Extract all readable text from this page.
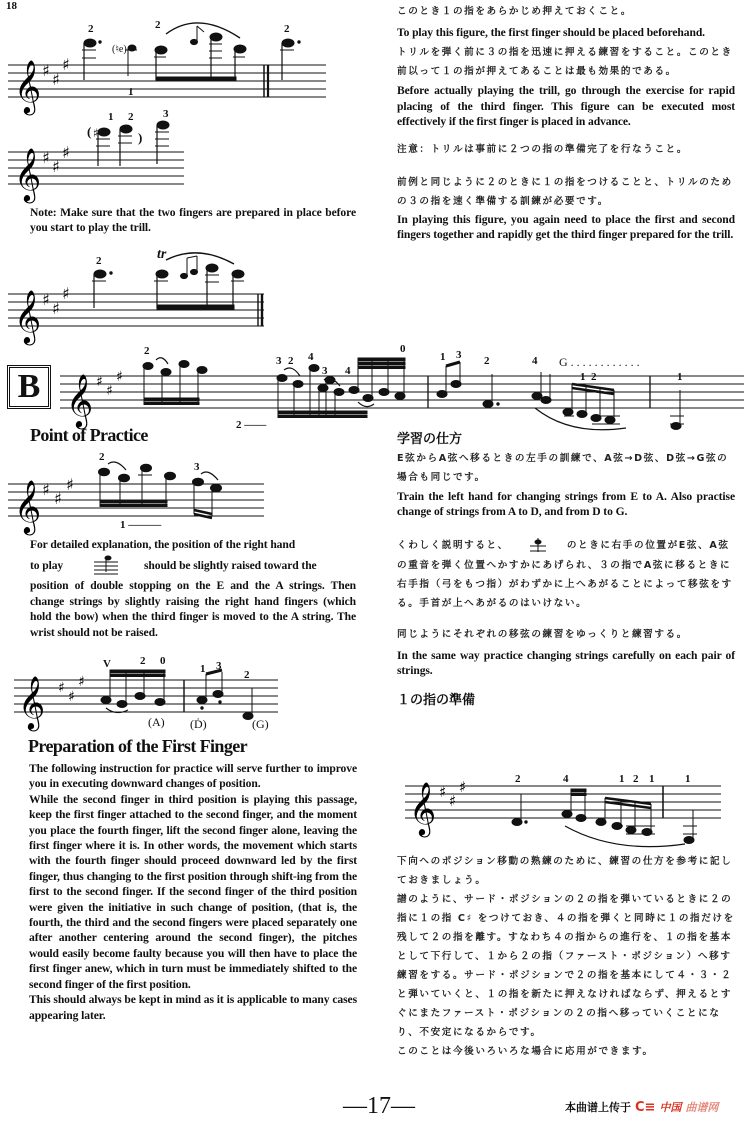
18
𝄞 ♯ ♯
♯
2	2	2
1
(♮e)
𝄞 ♯ ♯
♯
( ♯	)
1 2	3
Note: Make sure that the two fingers are prepared in place before you start to play the trill.
𝄞 ♯ ♯
♯
2	tr
このとき１の指をあらかじめ押えておくこと。
To play this figure, the first finger should be placed beforehand.
トリルを弾く前に３の指を迅速に押える練習をすること。このとき前以って１の指が押えてあることは最も効果的である。
Before actually playing the trill, go through the exercise for rapid placing of the third finger. This figure can be executed most effectively if the first finger is placed in advance.
注意：トリルは事前に２つの指の準備完了を行なうこと。
前例と同じように２のときに１の指をつけることと、トリルのための３の指を速く準備する訓練が必要です。
In playing this figure, you again need to place the first and second fingers together and rapidly get the third finger prepared for the trill.
B 𝄞 ♯
♯
♯
2
3 2 4
3 4
0
1 3 2	4
1 2	1
2 ——
G . . . . . . . . . . . .
Point of Practice
𝄞 ♯ ♯
♯
2
3
1 ———
For detailed explanation, the position of the right hand
to play	should be slightly raised toward the
position of double stopping on the E and the A strings. Then change strings by slightly raising the right hand fingers (which hold the bow) when the third finger is moved to the A string. The wrist should not be raised.
𝄞 ♯
♯
♯
V	2 0
1 3
2
(A) (Ḋ)	(G)
Preparation of the First Finger
The following instruction for practice will serve further to improve you in executing downward changes of position.
While the second finger in third position is playing this passage, keep the first finger attached to the second finger, and the moment you place the fourth finger, lift the second finger alone, leaving the first finger where it is. In other words, the movement which starts with the fourth finger should proceed downward led by the first finger, thus changing to the first position through shift-ing from the first to the second finger. If the second finger of the third position were given the initiative in such change of position, (that is, the fourth, the third and the second fingers were placed separately one after another centering around the second finger), the pitches would easily become faulty because you will then have to place the first finger anew, which in turn must be immediately shifted to the second finger of the first position.
This should always be kept in mind as it is applicable to many cases appearing later.
学習の仕方
E弦からA弦へ移るときの左手の訓練で、A弦→D弦、D弦→G弦の場合も同じです。
Train the left hand for changing strings from E to A. Also practise change of strings from A to D, and from D to G.
くわしく説明すると、	のときに右手の位置がE弦、A弦の重音を弾く位置へかすかにあげられ、３の指でA弦に移るときに右手指（弓をもつ指）がわずかに上へあがることによって移弦をする。手首が上へあがるのはいけない。
同じようにそれぞれの移弦の練習をゆっくりと練習する。
In the same way practice changing strings carefully on each pair of strings.
１の指の準備
𝄞 ♯ ♯
♯	2	4	1 2 1	1
下向へのポジション移動の熟練のために、練習の仕方を参考に記しておきましょう。
譜のように、サード・ポジションの２の指を弾いているときに２の指に１の指 C♯ をつけておき、４の指を弾くと同時に１の指だけを残して２の指を離す。すなわち４の指からの進行を、１の指を基本として下行して、１から２の指（ファースト・ポジション）へ移す練習をする。サード・ポジションで２の指を基本にして４・３・２と弾いていくと、１の指を新たに押えなければならず、押えるとすぐにまたファースト・ポジションの２の指へ移っていくことになり、不安定になるからです。
このことは今後いろいろな場合に応用ができます。
—17—	本曲谱上传于 C≡ 中国 曲谱网
